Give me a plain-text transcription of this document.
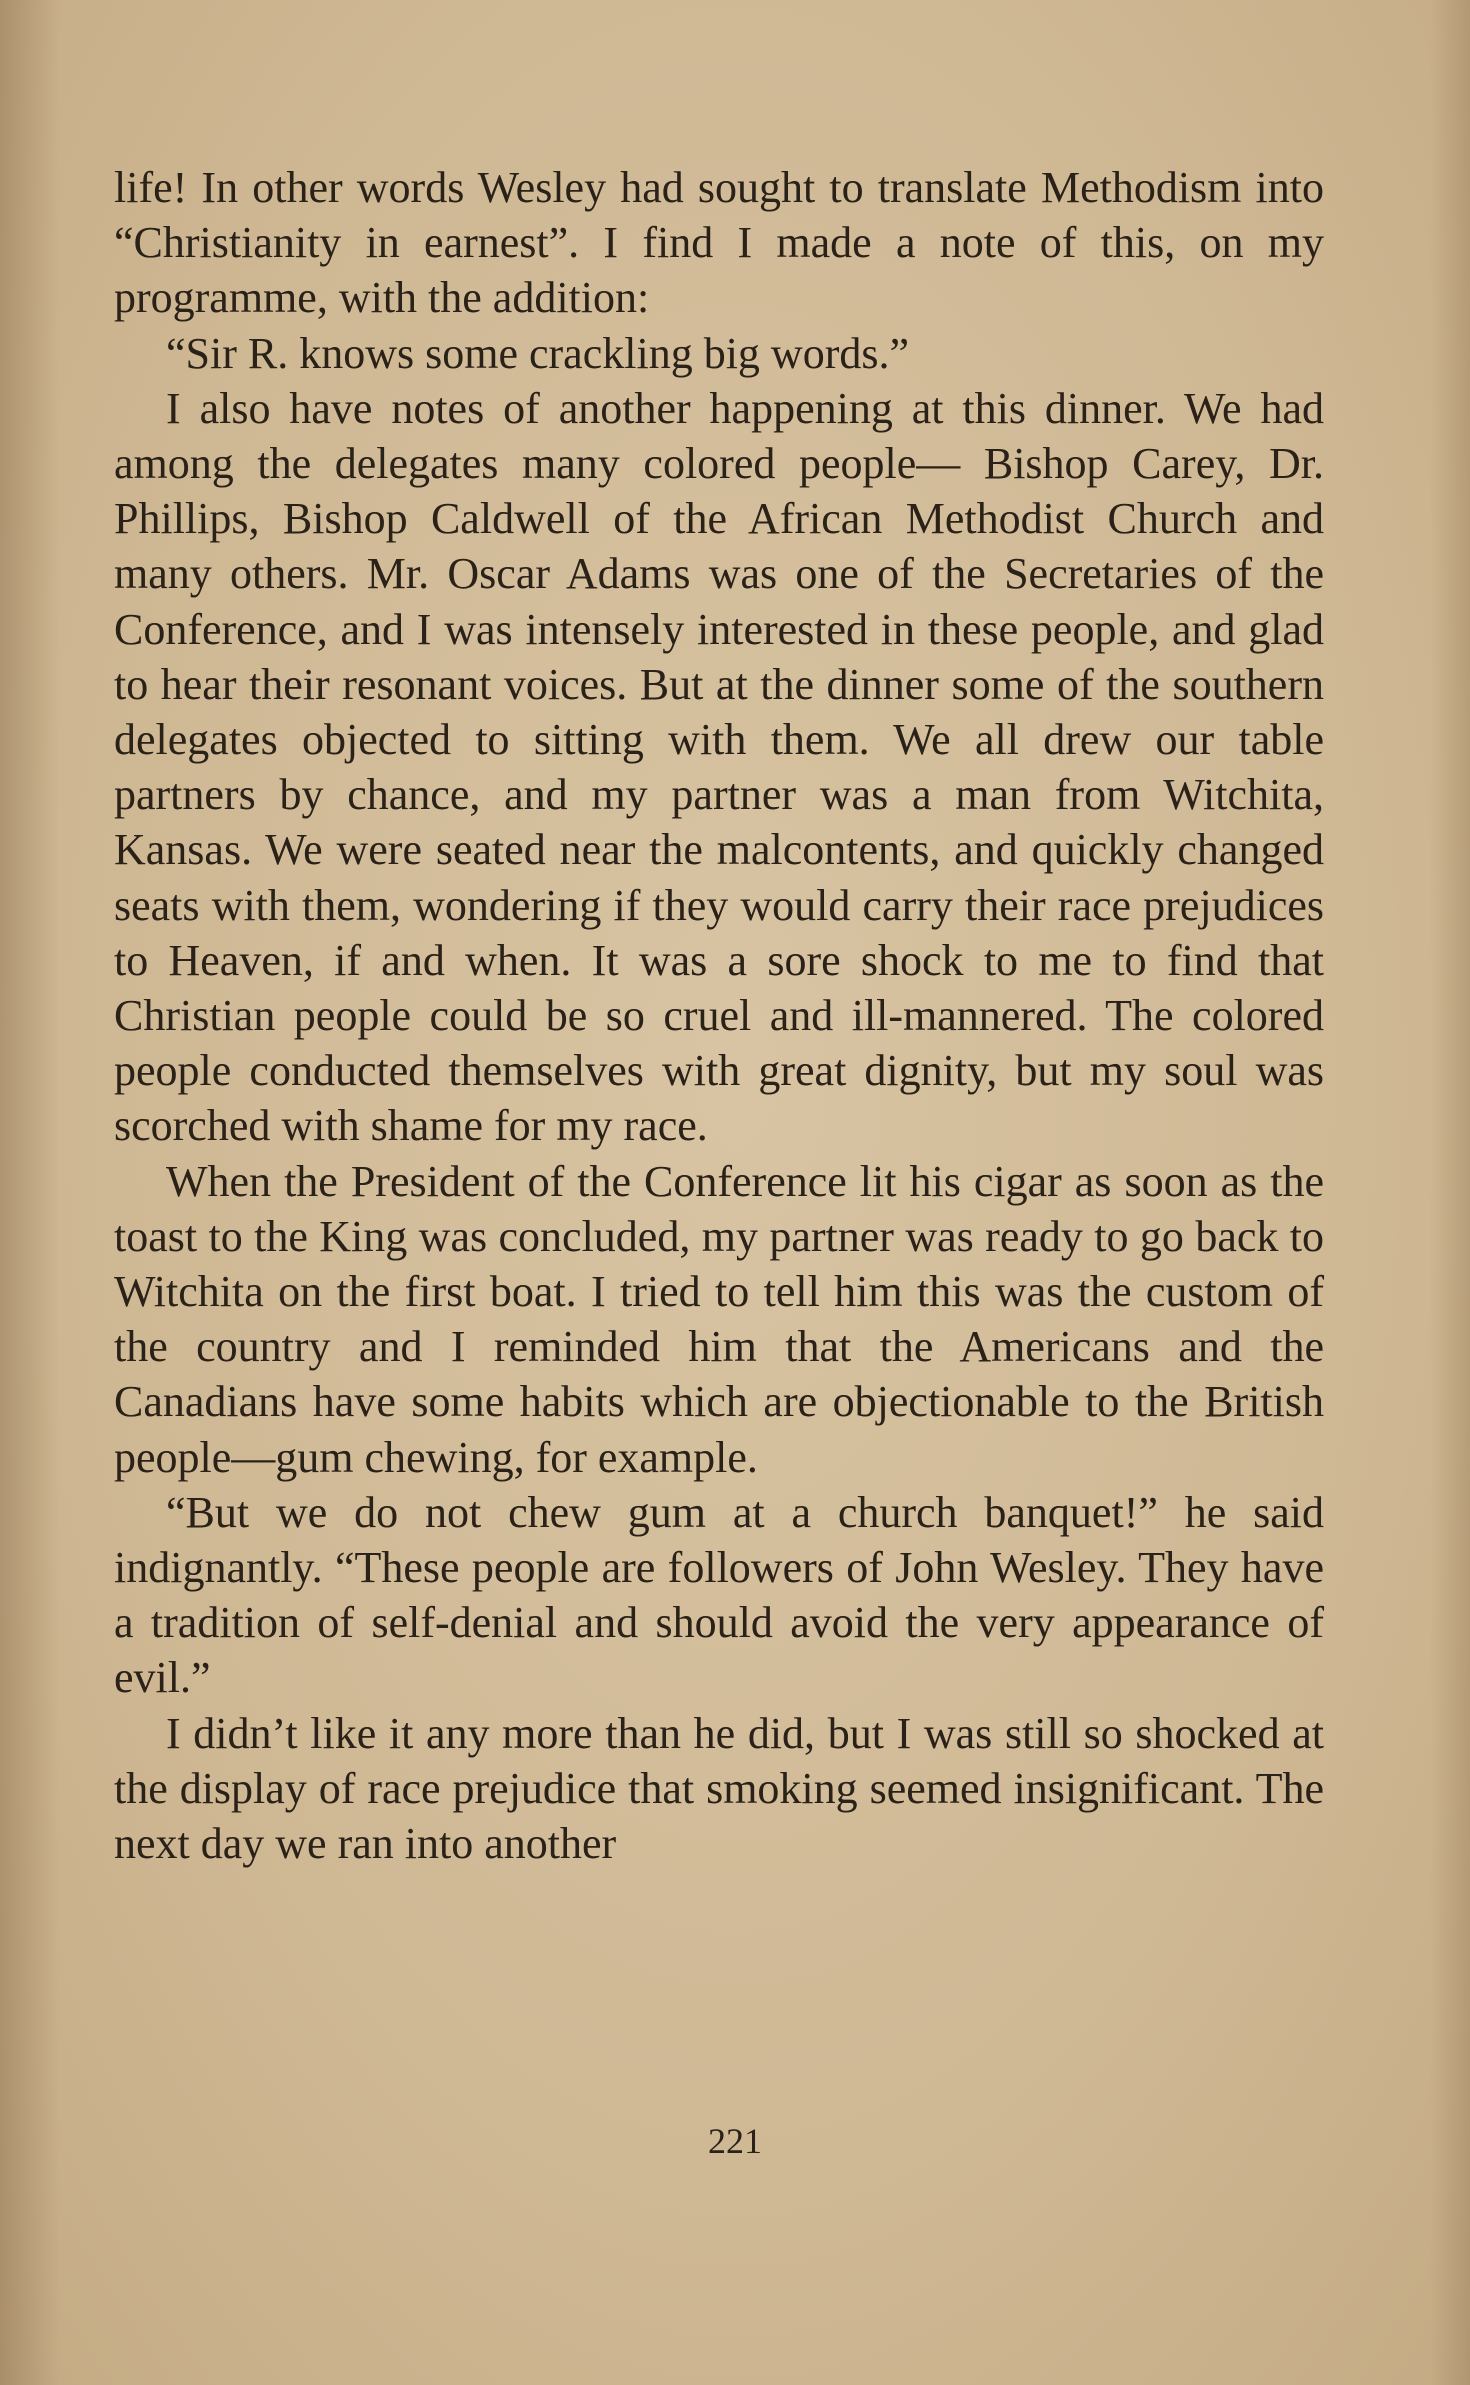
life! In other words Wesley had sought to translate Methodism into “Christianity in earnest”. I find I made a note of this, on my programme, with the addition:

“Sir R. knows some crackling big words.”

I also have notes of another happening at this dinner. We had among the delegates many colored people— Bishop Carey, Dr. Phillips, Bishop Caldwell of the African Methodist Church and many others. Mr. Oscar Adams was one of the Secretaries of the Conference, and I was intensely interested in these people, and glad to hear their resonant voices. But at the dinner some of the southern delegates objected to sitting with them. We all drew our table partners by chance, and my partner was a man from Witchita, Kansas. We were seated near the malcontents, and quickly changed seats with them, wondering if they would carry their race prejudices to Heaven, if and when. It was a sore shock to me to find that Christian people could be so cruel and ill-mannered. The colored people conducted themselves with great dignity, but my soul was scorched with shame for my race.

When the President of the Conference lit his cigar as soon as the toast to the King was concluded, my partner was ready to go back to Witchita on the first boat. I tried to tell him this was the custom of the country and I reminded him that the Americans and the Canadians have some habits which are objectionable to the British people—gum chewing, for example.

“But we do not chew gum at a church banquet!” he said indignantly. “These people are followers of John Wesley. They have a tradition of self-denial and should avoid the very appearance of evil.”

I didn’t like it any more than he did, but I was still so shocked at the display of race prejudice that smoking seemed insignificant. The next day we ran into another

221
